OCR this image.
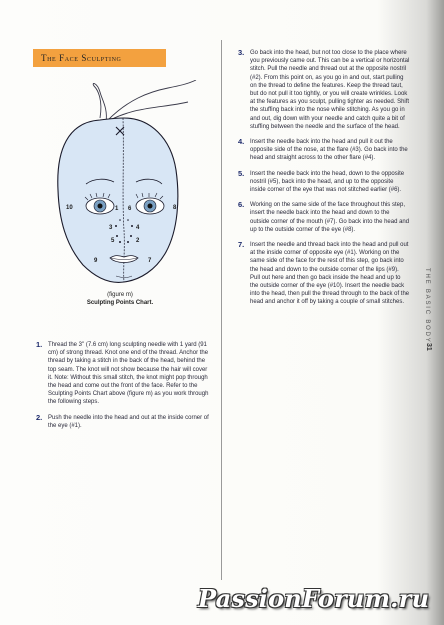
The Face Sculpting
10	1 6	8
3	4
5	2
9	7
(figure m)
Sculpting Points Chart.
1. Thread the 3" (7.6 cm) long sculpting needle with 1 yard (91 cm) of strong thread. Knot one end of the thread. Anchor the thread by taking a stitch in the back of the head, behind the top seam. The knot will not show because the hair will cover it. Note: Without this small stitch, the knot might pop through the head and come out the front of the face. Refer to the Sculpting Points Chart above (figure m) as you work through the following steps.
2. Push the needle into the head and out at the inside corner of the eye (#1).
3. Go back into the head, but not too close to the place where you previously came out. This can be a vertical or horizontal stitch. Pull the needle and thread out at the opposite nostril (#2). From this point on, as you go in and out, start pulling on the thread to define the features. Keep the thread taut, but do not pull it too tightly, or you will create wrinkles. Look at the features as you sculpt, pulling tighter as needed. Shift the stuffing back into the nose while stitching. As you go in and out, dig down with your needle and catch quite a bit of stuffing between the needle and the surface of the head.
4. Insert the needle back into the head and pull it out the opposite side of the nose, at the flare (#3). Go back into the head and straight across to the other flare (#4).
5. Insert the needle back into the head, down to the opposite nostril (#5), back into the head, and up to the opposite inside corner of the eye that was not stitched earlier (#6).
6. Working on the same side of the face throughout this step, insert the needle back into the head and down to the outside corner of the mouth (#7). Go back into the head and up to the outside corner of the eye (#8).
7. Insert the needle and thread back into the head and pull out at the inside corner of opposite eye (#1). Working on the same side of the face for the rest of this step, go back into the head and down to the outside corner of the lips (#9). Pull out here and then go back inside the head and up to the outside corner of the eye (#10). Insert the needle back into the head, then pull the thread through to the back of the head and anchor it off by taking a couple of small stitches.	THE BASIC BODY
31
PassionForum.ru
